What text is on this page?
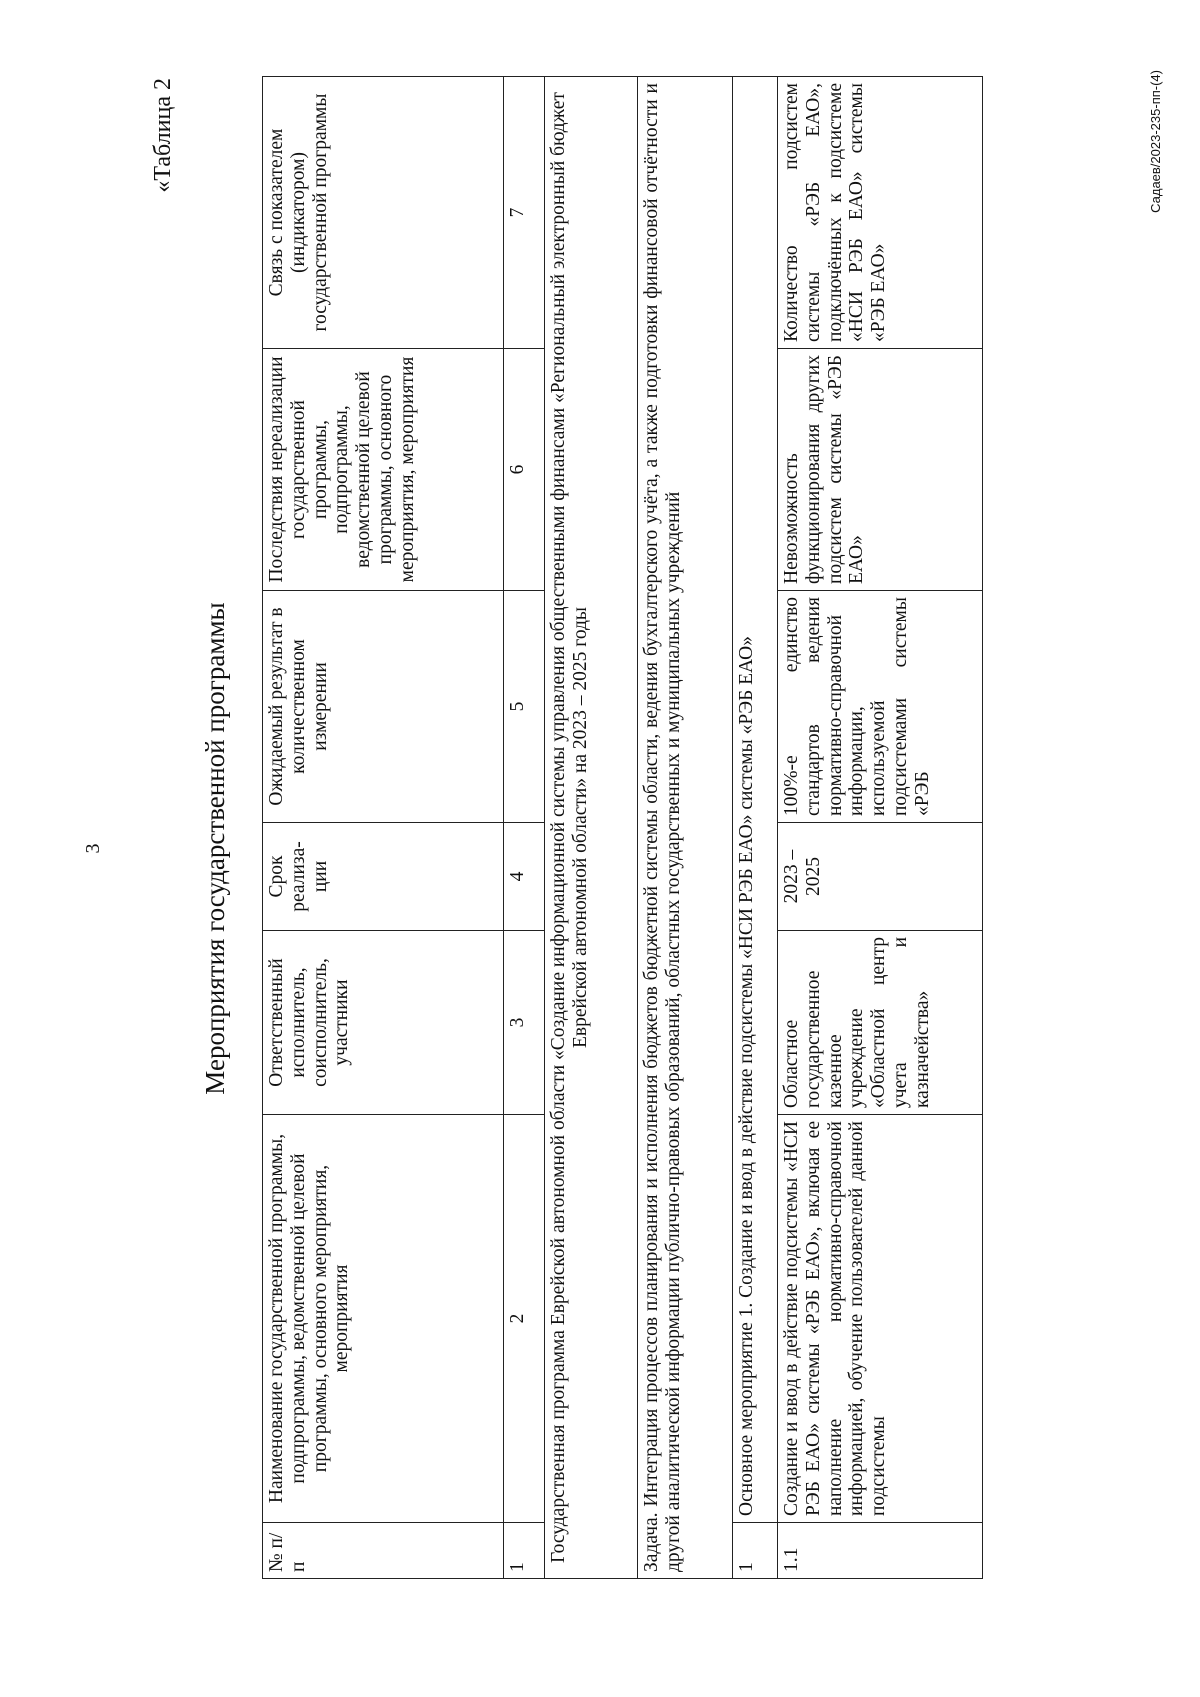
3
«Таблица 2
Мероприятия государственной программы
№ п/п	Наименование государственной программы, подпрограммы, ведомственной целевой программы, основного мероприятия, мероприятия	Ответственный исполнитель, соисполнитель, участники	Срок реализа-ции	Ожидаемый результат в количественном измерении	Последствия нереализации государственной программы, подпрограммы, ведомственной целевой программы, основного мероприятия, мероприятия	Связь с показателем (индикатором) государственной программы
1	2	3	4	5	6	7
Государственная программа Еврейской автономной области «Создание информационной системы управления общественными финансами «Региональный электронный бюджет Еврейской автономной области» на 2023 – 2025 годы						
Задача. Интеграция процессов планирования и исполнения бюджетов бюджетной системы области, ведения бухгалтерского учёта, а также подготовки финансовой отчётности и другой аналитической информации публично-правовых образований, областных государственных и муниципальных учреждений						
1	Основное мероприятие 1. Создание и ввод в действие подсистемы «НСИ РЭБ ЕАО» системы «РЭБ ЕАО»					
1.1	Создание и ввод в действие подсистемы «НСИ РЭБ ЕАО» системы «РЭБ ЕАО», включая ее наполнение нормативно-справочной информацией, обучение пользователей данной подсистемы	Областное государственное казенное учреждение «Областной центр учета и казначейства»	2023 – 2025	100%-е единство стандартов ведения нормативно-справочной информации, используемой подсистемами системы «РЭБ	Невозможность функционирования других подсистем системы «РЭБ ЕАО»	Количество подсистем системы «РЭБ ЕАО», подключённых к подсистеме «НСИ РЭБ ЕАО» системы «РЭБ ЕАО»
Садаев/2023-235-пп-(4)
